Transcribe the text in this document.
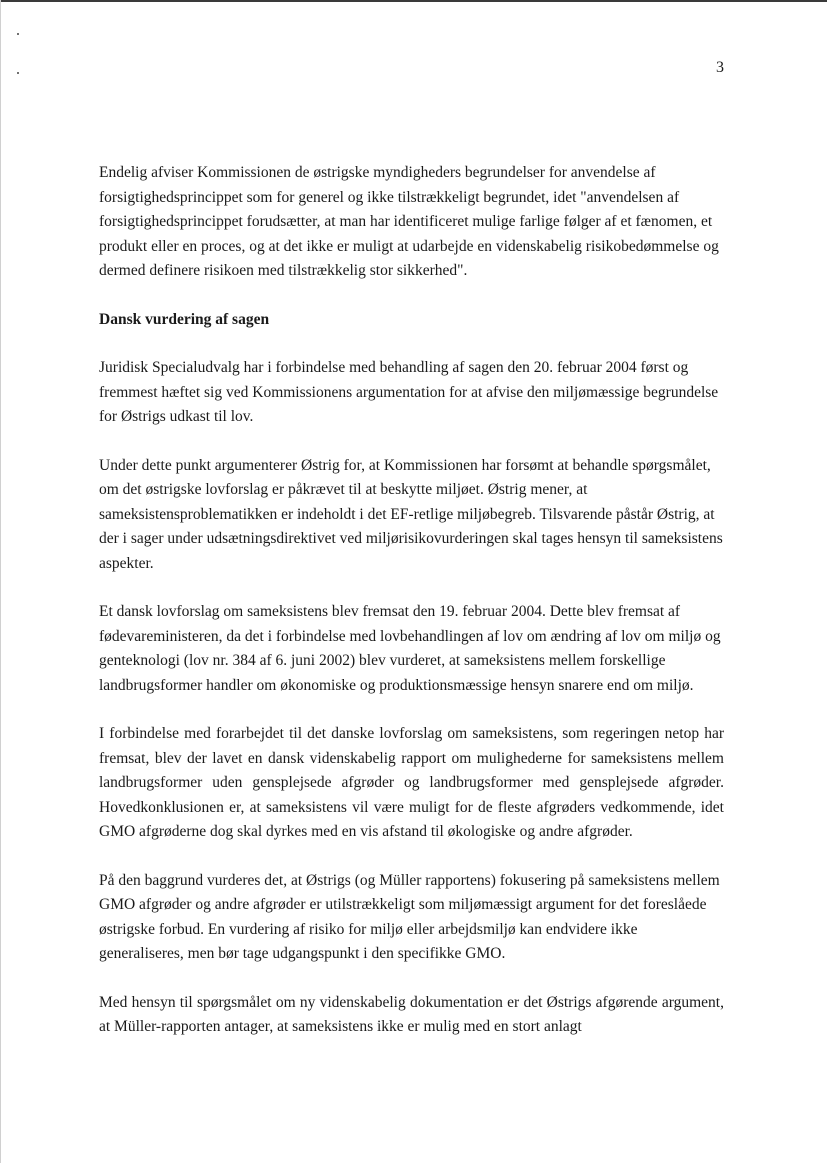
3

Endelig afviser Kommissionen de østrigske myndigheders begrundelser for anvendelse af forsigtighedsprincippet som for generel og ikke tilstrækkeligt begrundet, idet "anvendelsen af forsigtighedsprincippet forudsætter, at man har identificeret mulige farlige følger af et fænomen, et produkt eller en proces, og at det ikke er muligt at udarbejde en videnskabelig risikobedømmelse og dermed definere risikoen med tilstrækkelig stor sikkerhed".

Dansk vurdering af sagen

Juridisk Specialudvalg har i forbindelse med behandling af sagen den 20. februar 2004 først og fremmest hæftet sig ved Kommissionens argumentation for at afvise den miljømæssige begrundelse for Østrigs udkast til lov.

Under dette punkt argumenterer Østrig for, at Kommissionen har forsømt at behandle spørgsmålet, om det østrigske lovforslag er påkrævet til at beskytte miljøet. Østrig mener, at sameksistensproblematikken er indeholdt i det EF-retlige miljøbegreb. Tilsvarende påstår Østrig, at der i sager under udsætningsdirektivet ved miljørisikovurderingen skal tages hensyn til sameksistens aspekter.

Et dansk lovforslag om sameksistens blev fremsat den 19. februar 2004. Dette blev fremsat af fødevareministeren, da det i forbindelse med lovbehandlingen af lov om ændring af lov om miljø og genteknologi (lov nr. 384 af 6. juni 2002) blev vurderet, at sameksistens mellem forskellige landbrugsformer handler om økonomiske og produktionsmæssige hensyn snarere end om miljø.

I forbindelse med forarbejdet til det danske lovforslag om sameksistens, som regeringen netop har fremsat, blev der lavet en dansk videnskabelig rapport om mulighederne for sameksistens mellem landbrugsformer uden gensplejsede afgrøder og landbrugsformer med gensplejsede afgrøder. Hovedkonklusionen er, at sameksistens vil være muligt for de fleste afgrøders vedkommende, idet GMO afgrøderne dog skal dyrkes med en vis afstand til økologiske og andre afgrøder.

På den baggrund vurderes det, at Østrigs (og Müller rapportens) fokusering på sameksistens mellem GMO afgrøder og andre afgrøder er utilstrækkeligt som miljømæssigt argument for det foreslåede østrigske forbud. En vurdering af risiko for miljø eller arbejdsmiljø kan endvidere ikke generaliseres, men bør tage udgangspunkt i den specifikke GMO.

Med hensyn til spørgsmålet om ny videnskabelig dokumentation er det Østrigs afgørende argument, at Müller-rapporten antager, at sameksistens ikke er mulig med en stort anlagt
